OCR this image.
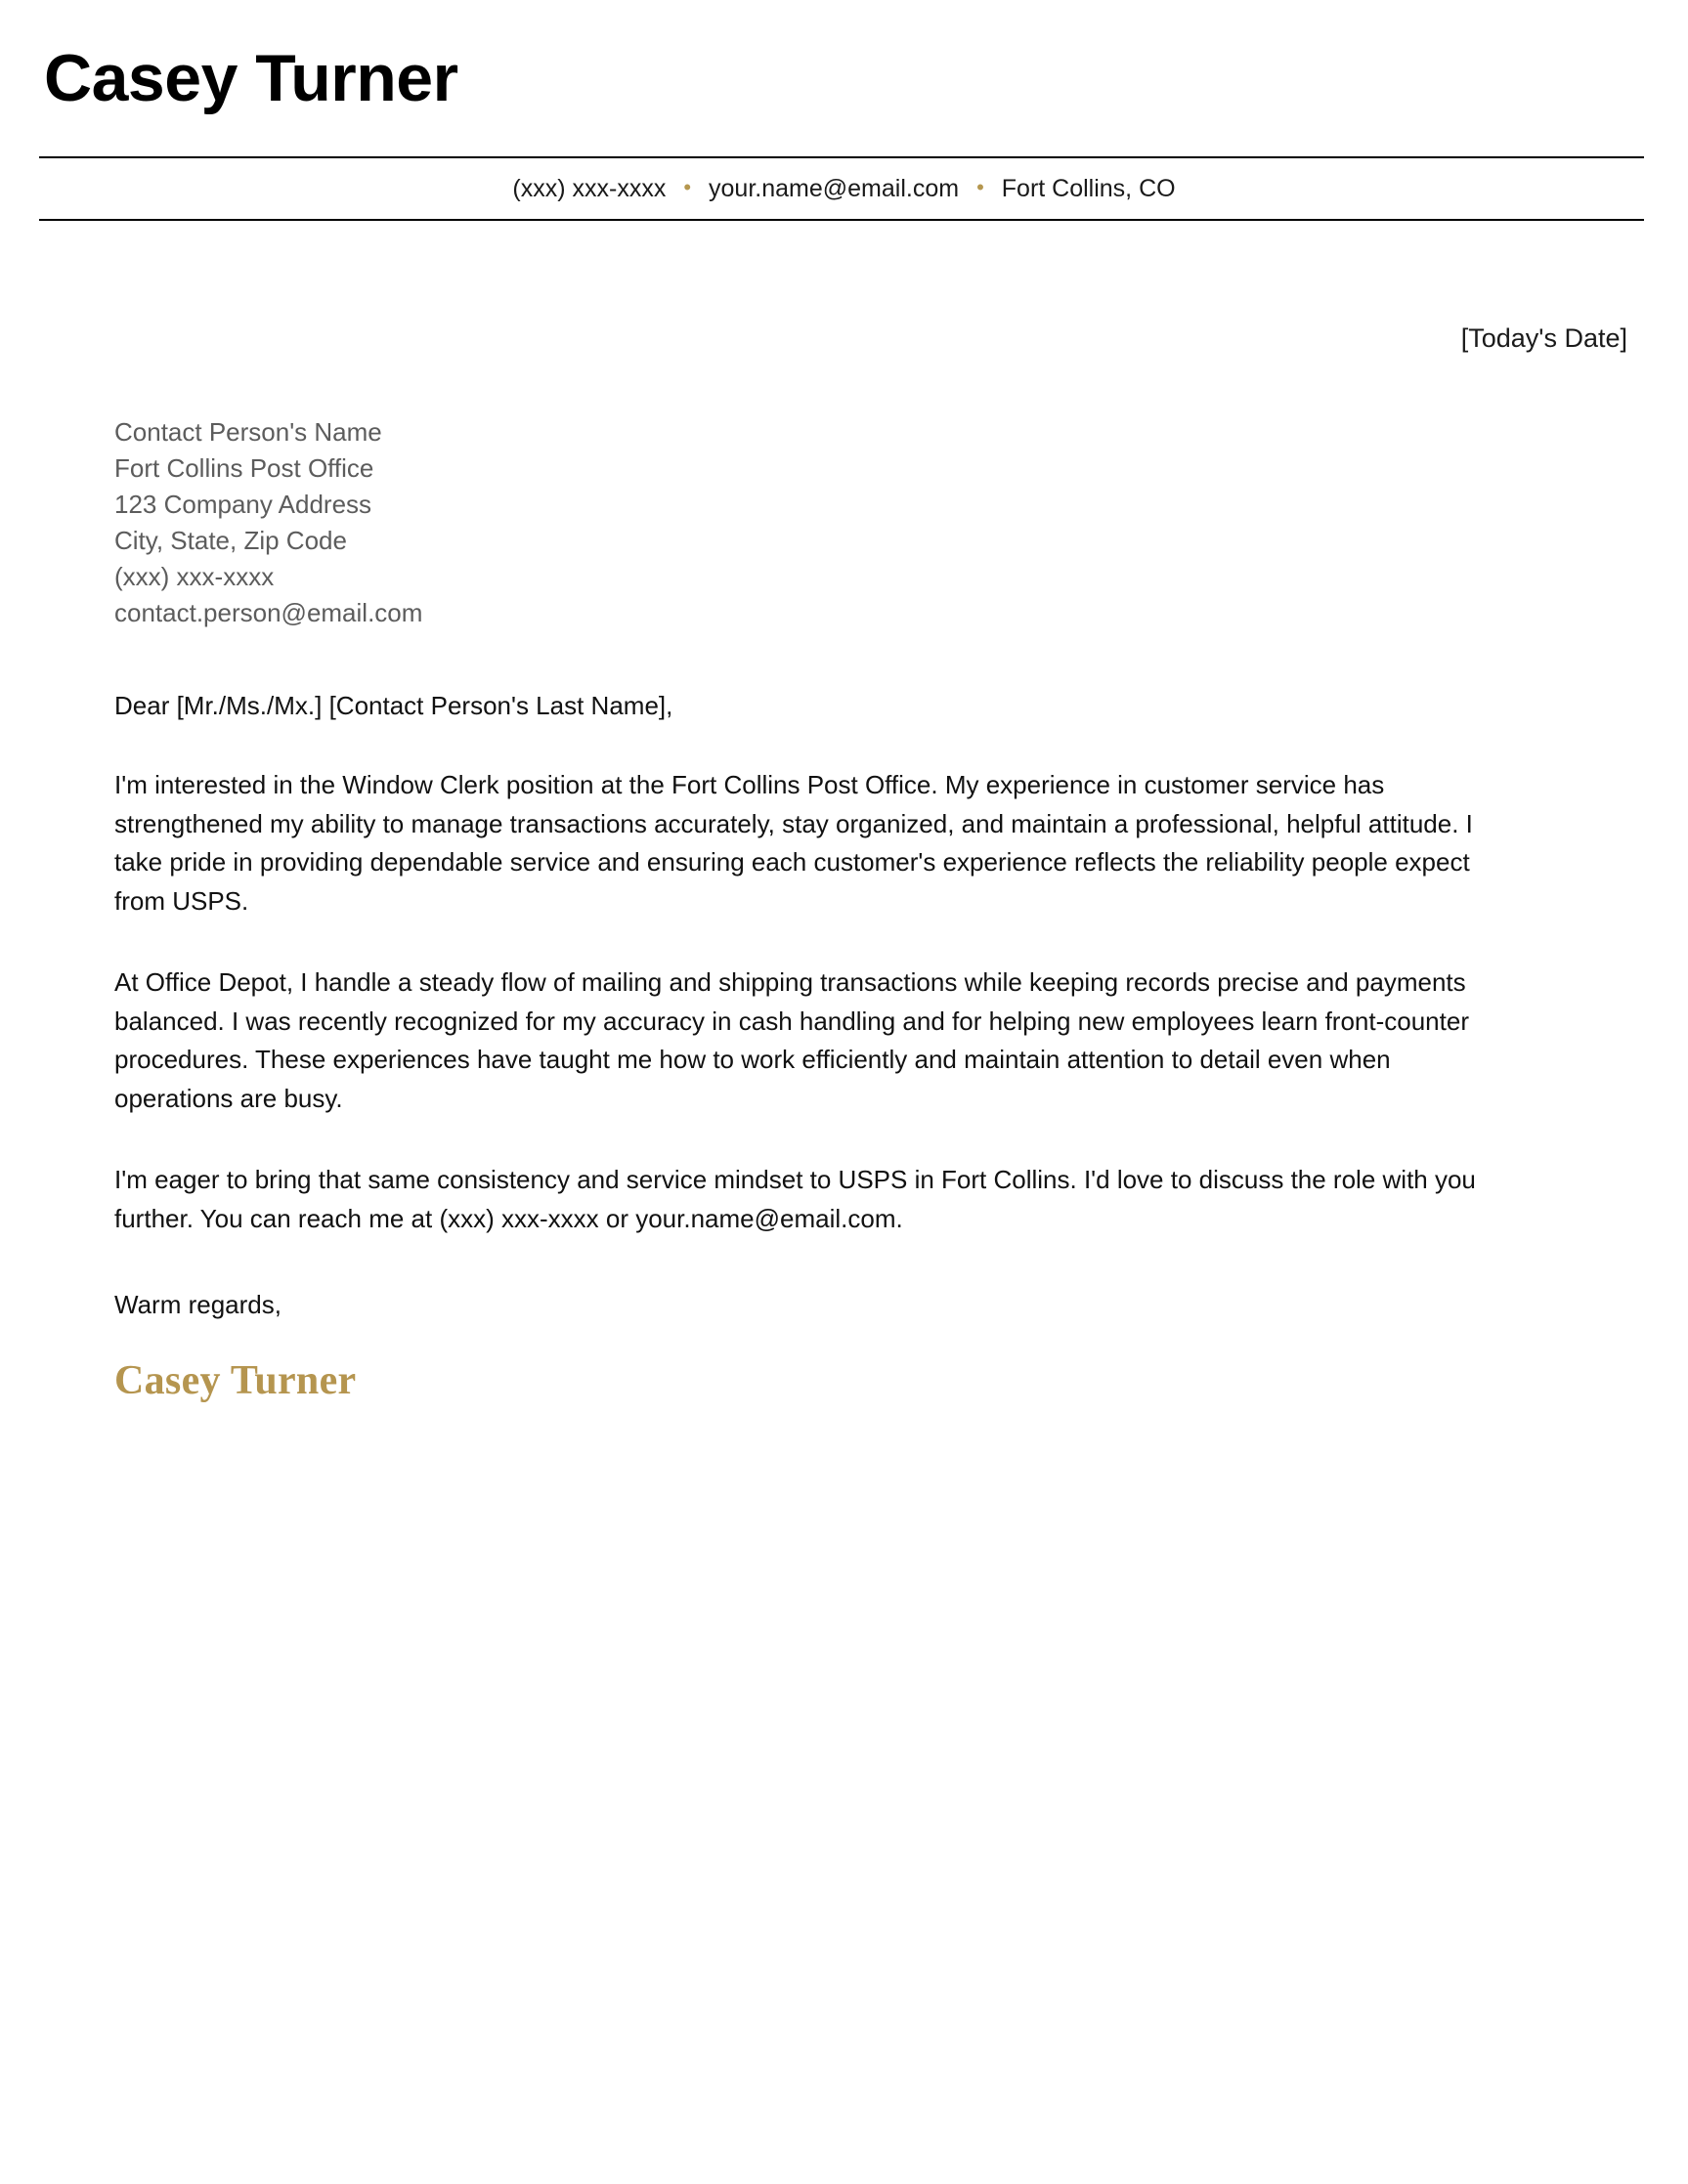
Casey Turner
(xxx) xxx-xxxx • your.name@email.com • Fort Collins, CO
[Today's Date]
Contact Person's Name
Fort Collins Post Office
123 Company Address
City, State, Zip Code
(xxx) xxx-xxxx
contact.person@email.com
Dear [Mr./Ms./Mx.] [Contact Person's Last Name],

I'm interested in the Window Clerk position at the Fort Collins Post Office. My experience in customer service has strengthened my ability to manage transactions accurately, stay organized, and maintain a professional, helpful attitude. I take pride in providing dependable service and ensuring each customer's experience reflects the reliability people expect from USPS.

At Office Depot, I handle a steady flow of mailing and shipping transactions while keeping records precise and payments balanced. I was recently recognized for my accuracy in cash handling and for helping new employees learn front-counter procedures. These experiences have taught me how to work efficiently and maintain attention to detail even when operations are busy.

I'm eager to bring that same consistency and service mindset to USPS in Fort Collins. I'd love to discuss the role with you further. You can reach me at (xxx) xxx-xxxx or your.name@email.com.

Warm regards,
Casey Turner
